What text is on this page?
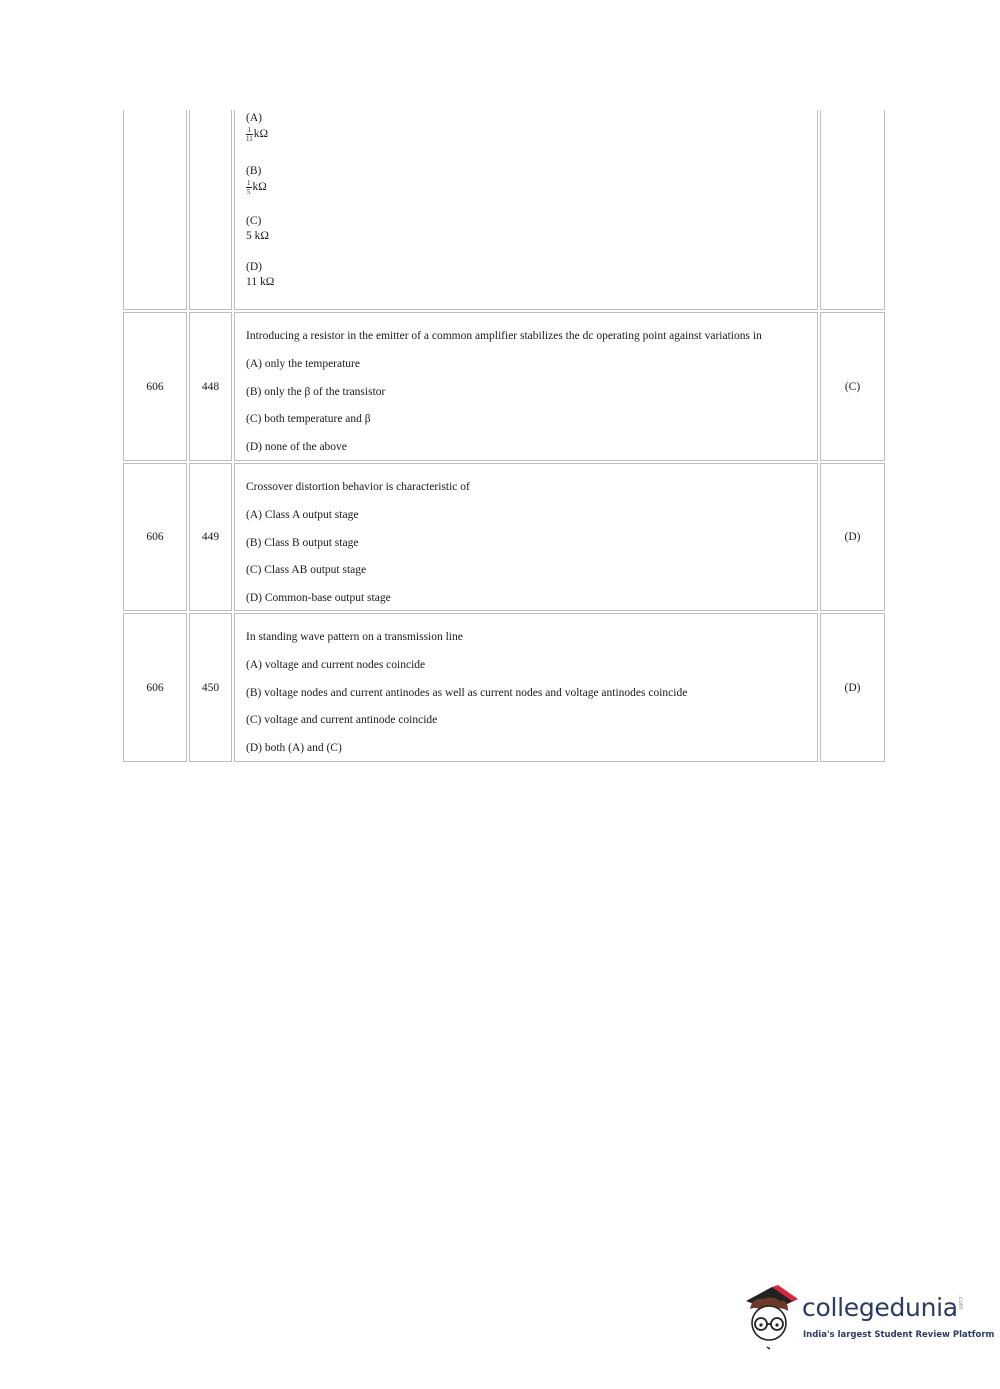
(A)
$\frac{1}{11}$ kΩ
(B)
$\frac{1}{5}$ kΩ
(C)
5 kΩ
(D)
11 kΩ
606	448
Introducing a resistor in the emitter of a common amplifier stabilizes the dc operating point against variations in
(A) only the temperature
(B) only the β of the transistor
(C) both temperature and β
(D) none of the above
(C)
606	449
Crossover distortion behavior is characteristic of
(A) Class A output stage
(B) Class B output stage
(C) Class AB output stage
(D) Common-base output stage
(D)
606	450
In standing wave pattern on a transmission line
(A) voltage and current nodes coincide
(B) voltage nodes and current antinodes as well as current nodes and voltage antinodes coincide
(C) voltage and current antinode coincide
(D) both (A) and (C)
(D)
collegedunia .com
India's largest Student Review Platform
